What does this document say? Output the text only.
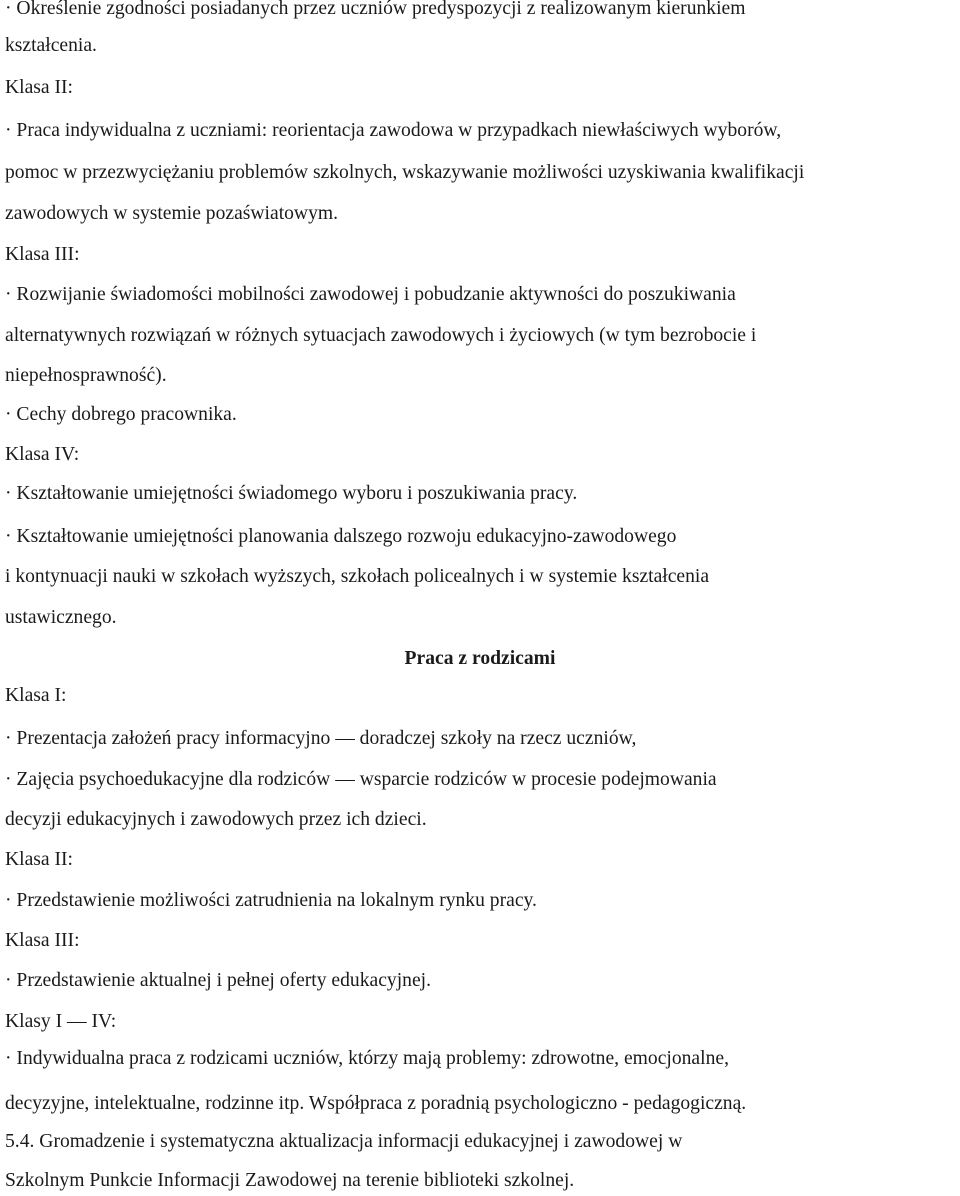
· Określenie zgodności posiadanych przez uczniów predyspozycji z realizowanym kierunkiem
kształcenia.
Klasa II:
· Praca indywidualna z uczniami: reorientacja zawodowa w przypadkach niewłaściwych wyborów,
pomoc w przezwyciężaniu problemów szkolnych, wskazywanie możliwości uzyskiwania kwalifikacji
zawodowych w systemie pozaświatowym.
Klasa III:
· Rozwijanie świadomości mobilności zawodowej i pobudzanie aktywności do poszukiwania
alternatywnych rozwiązań w różnych sytuacjach zawodowych i życiowych (w tym bezrobocie i
niepełnosprawność).
· Cechy dobrego pracownika.
Klasa IV:
· Kształtowanie umiejętności świadomego wyboru i poszukiwania pracy.
· Kształtowanie umiejętności planowania dalszego rozwoju edukacyjno-zawodowego
i kontynuacji nauki w szkołach wyższych, szkołach policealnych i w systemie kształcenia
ustawicznego.
Praca z rodzicami
Klasa I:
· Prezentacja założeń pracy informacyjno — doradczej szkoły na rzecz uczniów,
· Zajęcia psychoedukacyjne dla rodziców — wsparcie rodziców w procesie podejmowania
decyzji edukacyjnych i zawodowych przez ich dzieci.
Klasa II:
· Przedstawienie możliwości zatrudnienia na lokalnym rynku pracy.
Klasa III:
· Przedstawienie aktualnej i pełnej oferty edukacyjnej.
Klasy I — IV:
· Indywidualna praca z rodzicami uczniów, którzy mają problemy: zdrowotne, emocjonalne,
decyzyjne, intelektualne, rodzinne itp. Współpraca z poradnią psychologiczno - pedagogiczną.
5.4. Gromadzenie i systematyczna aktualizacja informacji edukacyjnej i zawodowej w
Szkolnym Punkcie Informacji Zawodowej na terenie biblioteki szkolnej.
